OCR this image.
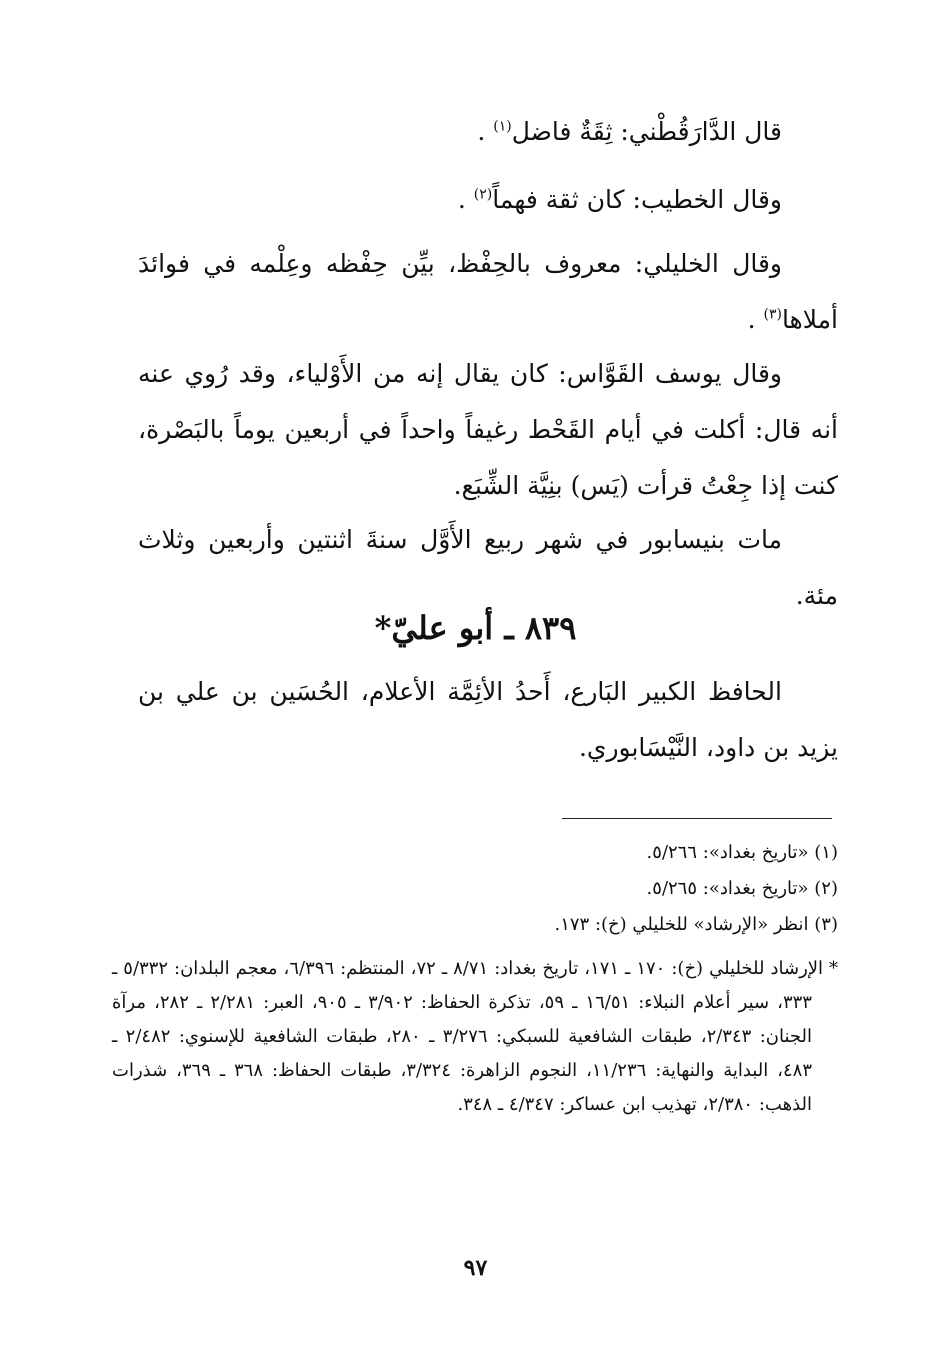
قال الدَّارَقُطْني: ثِقَةٌ فاضل$^{(١)}$ .

وقال الخطيب: كان ثقة فهماً$^{(٢)}$ .

وقال الخليلي: معروف بالحِفْظ، بيِّن حِفْظه وعِلْمه في فوائدَ أملاها$^{(٣)}$ .

وقال يوسف القَوَّاس: كان يقال إنه من الأَوْلياء، وقد رُوي عنه أنه قال: أكلت في أيام القَحْط رغيفاً واحداً في أربعين يوماً بالبَصْرة، كنت إذا جِعْتُ قرأت (يَس) بنِيَّة الشِّبَع.

مات بنيسابور في شهر ربيع الأَوَّل سنةَ اثنتين وأربعين وثلاث مئة.

٨٣٩ ـ أبو عليّ*

الحافظ الكبير البَارع، أَحدُ الأئِمَّة الأعلام، الحُسَين بن علي بن يزيد بن داود، النَّيْسَابوري.

(١) «تاريخ بغداد»: ٥/٢٦٦.
(٢) «تاريخ بغداد»: ٥/٢٦٥.
(٣) انظر «الإرشاد» للخليلي (خ): ١٧٣.
* الإرشاد للخليلي (خ): ١٧٠ ـ ١٧١، تاريخ بغداد: ٨/٧١ ـ ٧٢، المنتظم: ٦/٣٩٦، معجم البلدان: ٥/٣٣٢ ـ ٣٣٣، سير أعلام النبلاء: ١٦/٥١ ـ ٥٩، تذكرة الحفاظ: ٣/٩٠٢ ـ ٩٠٥، العبر: ٢/٢٨١ ـ ٢٨٢، مرآة الجنان: ٢/٣٤٣، طبقات الشافعية للسبكي: ٣/٢٧٦ ـ ٢٨٠، طبقات الشافعية للإسنوي: ٢/٤٨٢ ـ ٤٨٣، البداية والنهاية: ١١/٢٣٦، النجوم الزاهرة: ٣/٣٢٤، طبقات الحفاظ: ٣٦٨ ـ ٣٦٩، شذرات الذهب: ٢/٣٨٠، تهذيب ابن عساكر: ٤/٣٤٧ ـ ٣٤٨.
٩٧
